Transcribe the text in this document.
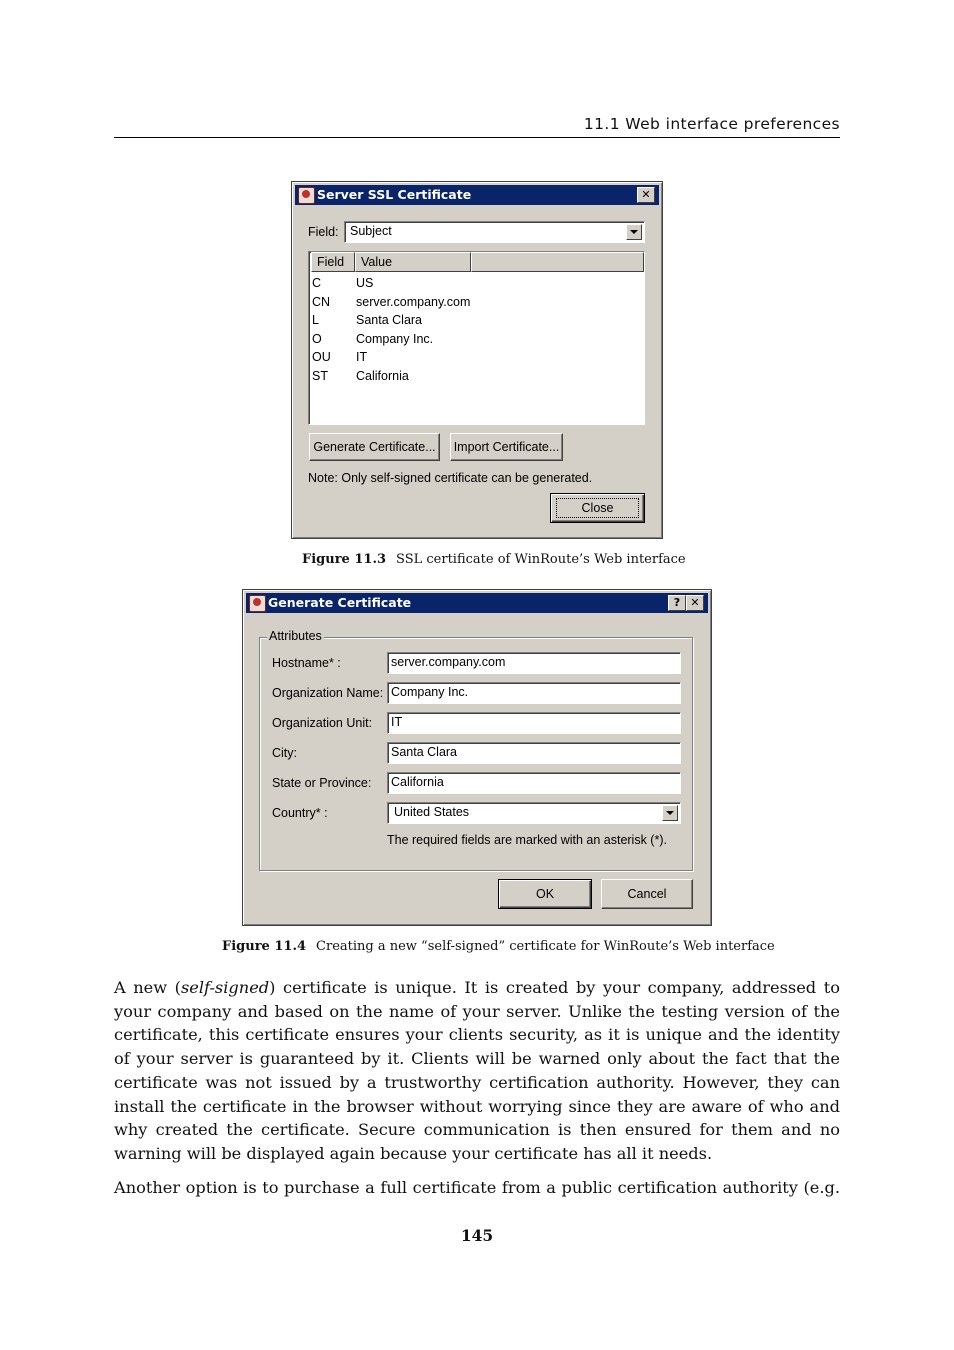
11.1 Web interface preferences
Server SSL Certificate	✕
Field: Subject
Field	Value
C	US
CN server.company.com
L	Santa Clara
O	Company Inc.
OU IT
ST California
Generate Certificate...	Import Certificate...
Note: Only self-signed certificate can be generated.
Close
Figure 11.3 SSL certificate of WinRoute’s Web interface
Generate Certificate	? ✕
Attributes
Hostname* :	server.company.com
Organization Name: Company Inc.
Organization Unit: IT
City:	Santa Clara
State or Province: California
Country* :	United States
The required fields are marked with an asterisk (*).
OK	Cancel
Figure 11.4 Creating a new “self-signed” certificate for WinRoute’s Web interface

A new (self-signed) certificate is unique. It is created by your company, addressed to your company and based on the name of your server. Unlike the testing version of the certificate, this certificate ensures your clients security, as it is unique and the identity of your server is guaranteed by it. Clients will be warned only about the fact that the certificate was not issued by a trustworthy certification authority. However, they can install the certificate in the browser without worrying since they are aware of who and why created the certificate. Secure communication is then ensured for them and no warning will be displayed again because your certificate has all it needs.

Another option is to purchase a full certificate from a public certification authority (e.g.

145
